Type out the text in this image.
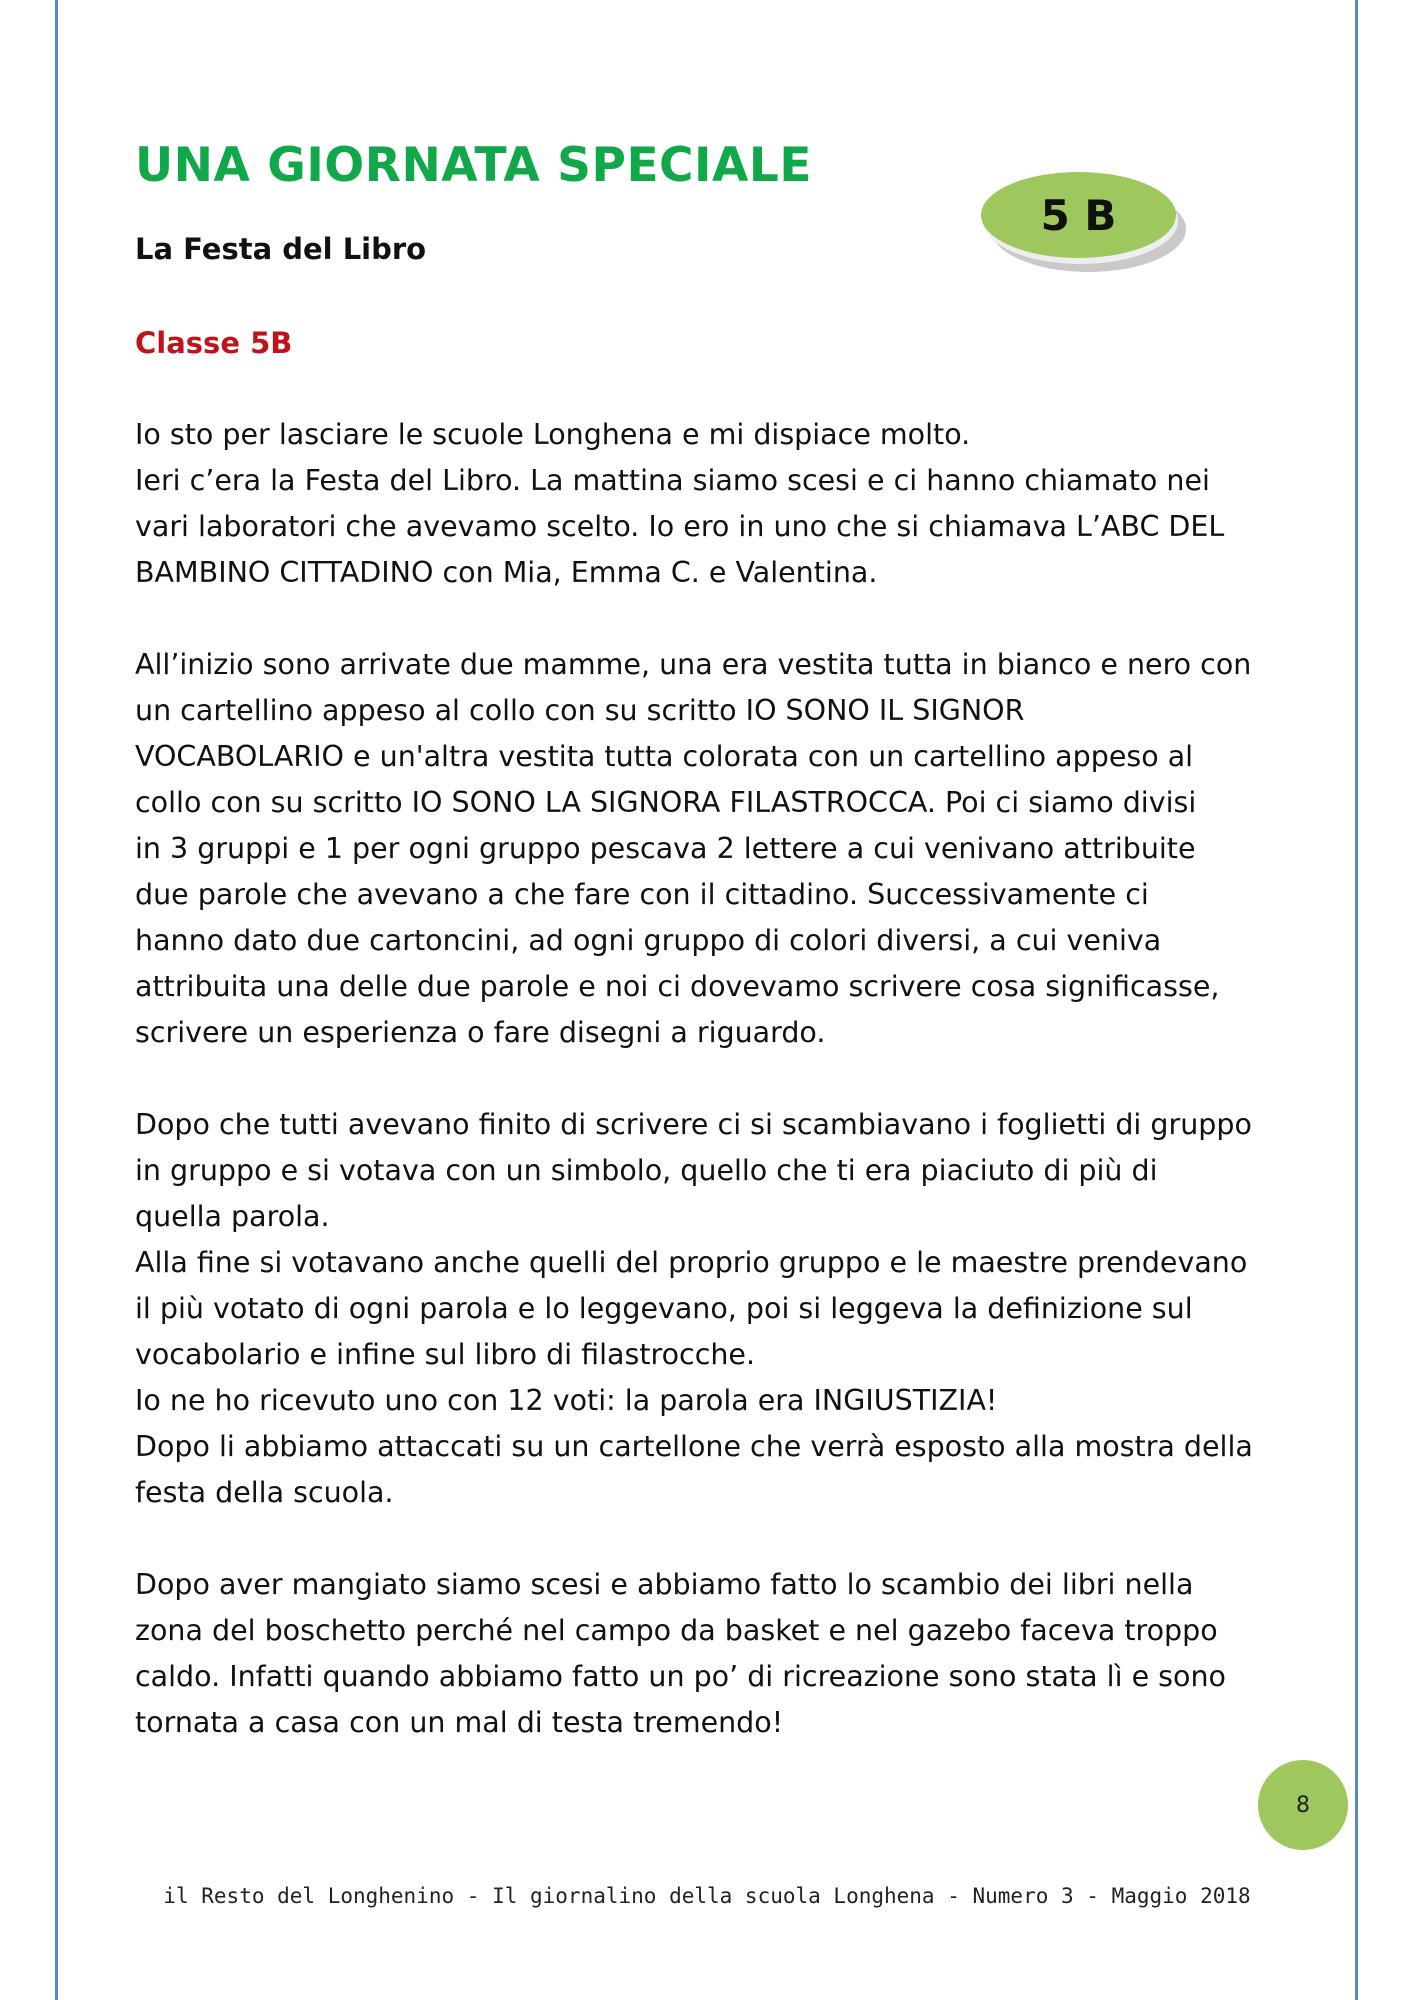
UNA GIORNATA SPECIALE
La Festa del Libro
Classe 5B
5 B

Io sto per lasciare le scuole Longhena e mi dispiace molto.
Ieri c’era la Festa del Libro. La mattina siamo scesi e ci hanno chiamato nei
vari laboratori che avevamo scelto. Io ero in uno che si chiamava L’ABC DEL
BAMBINO CITTADINO con Mia, Emma C. e Valentina.

All’inizio sono arrivate due mamme, una era vestita tutta in bianco e nero con
un cartellino appeso al collo con su scritto IO SONO IL SIGNOR
VOCABOLARIO e un'altra vestita tutta colorata con un cartellino appeso al
collo con su scritto IO SONO LA SIGNORA FILASTROCCA. Poi ci siamo divisi
in 3 gruppi e 1 per ogni gruppo pescava 2 lettere a cui venivano attribuite
due parole che avevano a che fare con il cittadino. Successivamente ci
hanno dato due cartoncini, ad ogni gruppo di colori diversi, a cui veniva
attribuita una delle due parole e noi ci dovevamo scrivere cosa significasse,
scrivere un esperienza o fare disegni a riguardo.

Dopo che tutti avevano finito di scrivere ci si scambiavano i foglietti di gruppo
in gruppo e si votava con un simbolo, quello che ti era piaciuto di più di
quella parola.
Alla fine si votavano anche quelli del proprio gruppo e le maestre prendevano
il più votato di ogni parola e lo leggevano, poi si leggeva la definizione sul
vocabolario e infine sul libro di filastrocche.
Io ne ho ricevuto uno con 12 voti: la parola era INGIUSTIZIA!
Dopo li abbiamo attaccati su un cartellone che verrà esposto alla mostra della
festa della scuola.

Dopo aver mangiato siamo scesi e abbiamo fatto lo scambio dei libri nella
zona del boschetto perché nel campo da basket e nel gazebo faceva troppo
caldo. Infatti quando abbiamo fatto un po’ di ricreazione sono stata lì e sono
tornata a casa con un mal di testa tremendo!

8
il Resto del Longhenino - Il giornalino della scuola Longhena - Numero 3 - Maggio 2018
